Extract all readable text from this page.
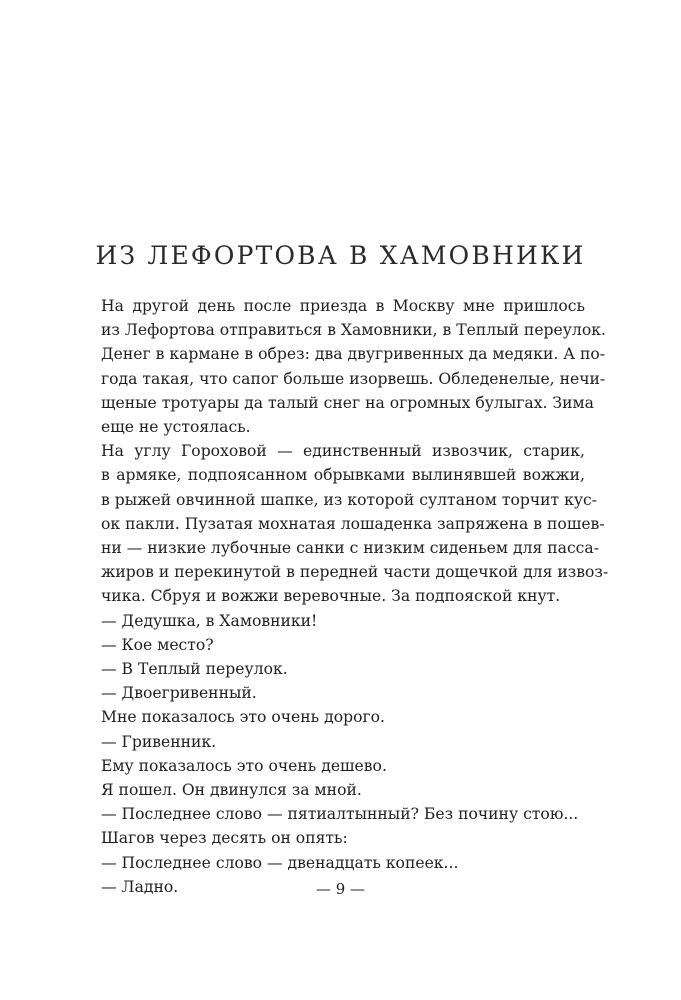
ИЗ ЛЕФОРТОВА В ХАМОВНИКИ
На другой день после приезда в Москву мне пришлось
из Лефортова отправиться в Хамовники, в Теплый переулок.
Денег в кармане в обрез: два двугривенных да медяки. А по-
года такая, что сапог больше изорвешь. Обледенелые, нечи-
щеные тротуары да талый снег на огромных булыгах. Зима
еще не устоялась.
На углу Гороховой — единственный извозчик, старик,
в армяке, подпоясанном обрывками вылинявшей вожжи,
в рыжей овчинной шапке, из которой султаном торчит кус-
ок пакли. Пузатая мохнатая лошаденка запряжена в пошев-
ни — низкие лубочные санки с низким сиденьем для пасса-
жиров и перекинутой в передней части дощечкой для извоз-
чика. Сбруя и вожжи веревочные. За подпояской кнут.
— Дедушка, в Хамовники!
— Кое место?
— В Теплый переулок.
— Двоегривенный.
Мне показалось это очень дорого.
— Гривенник.
Ему показалось это очень дешево.
Я пошел. Он двинулся за мной.
— Последнее слово — пятиалтынный? Без почину стою...
Шагов через десять он опять:
— Последнее слово — двенадцать копеек...
— Ладно.	— 9 —
